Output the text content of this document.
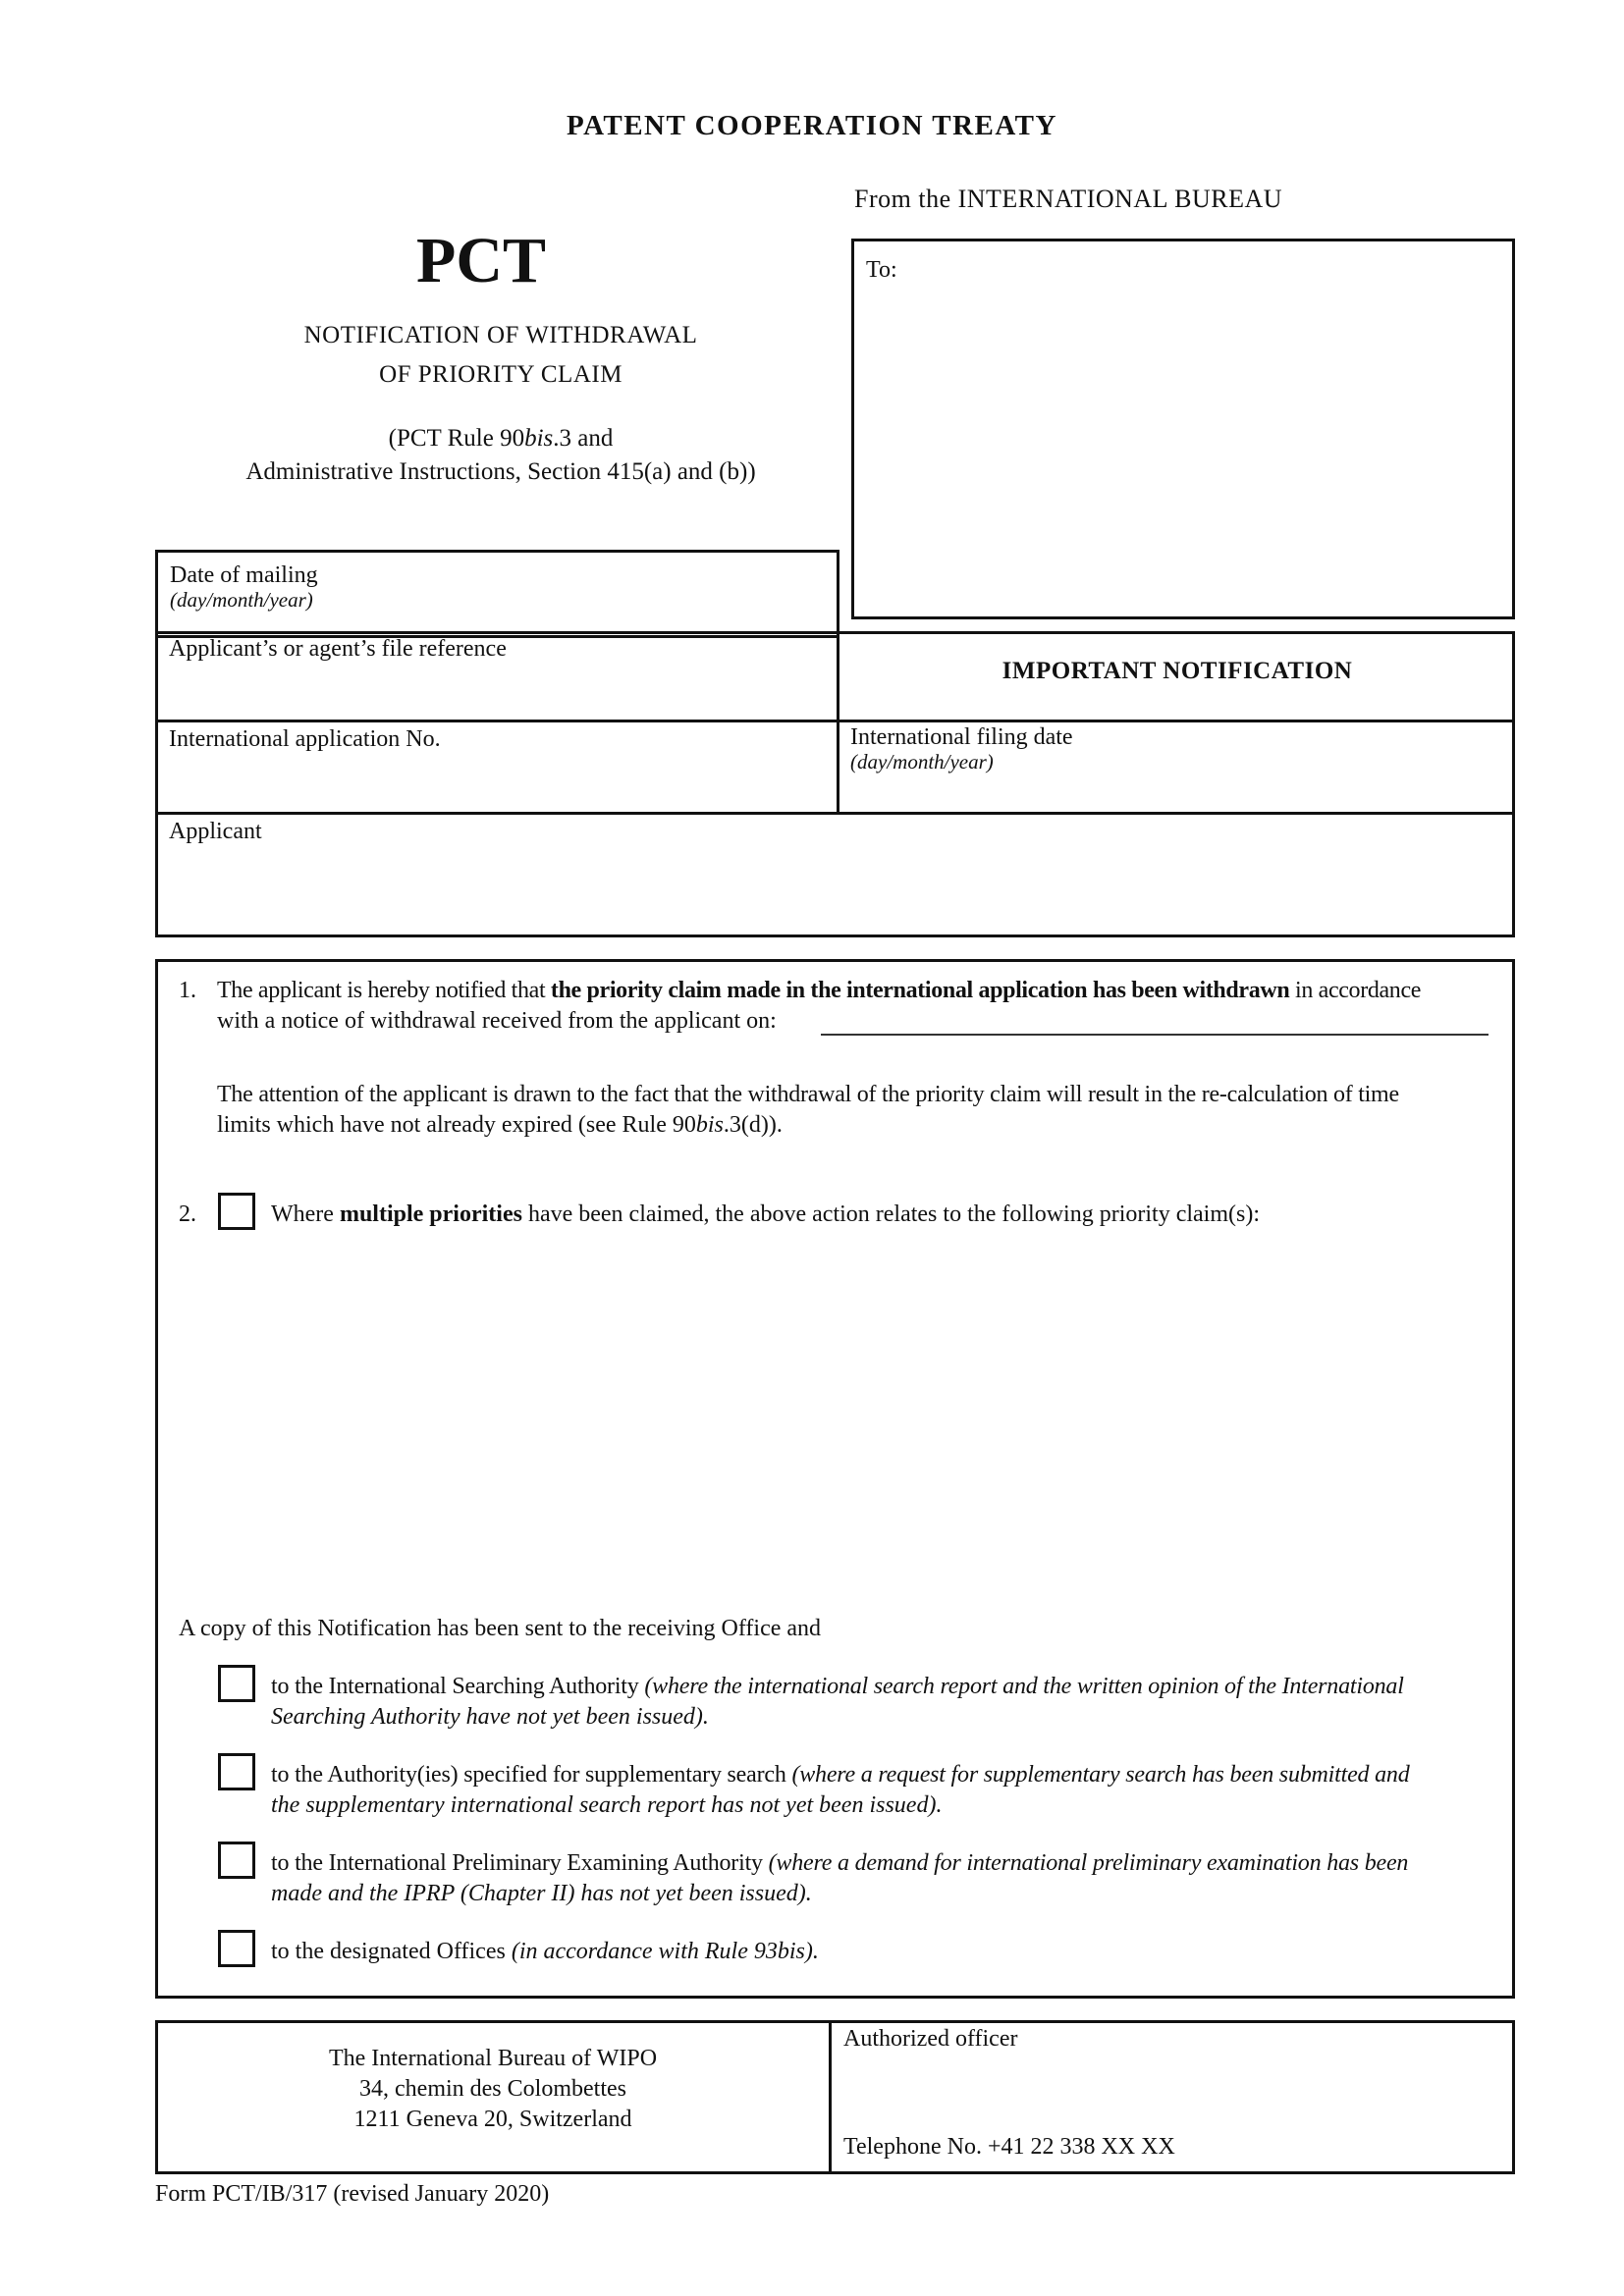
PATENT COOPERATION TREATY
From the INTERNATIONAL BUREAU
PCT
NOTIFICATION OF WITHDRAWAL
OF PRIORITY CLAIM
(PCT Rule 90bis.3 and
Administrative Instructions, Section 415(a) and (b))
To:
Date of mailing
(day/month/year)
Applicant’s or agent’s file reference
IMPORTANT NOTIFICATION
International application No.	International filing date
(day/month/year)
Applicant
1. The applicant is hereby notified that the priority claim made in the international application has been withdrawn in accordance
with a notice of withdrawal received from the applicant on:
The attention of the applicant is drawn to the fact that the withdrawal of the priority claim will result in the re-calculation of time
limits which have not already expired (see Rule 90bis.3(d)).
2.	Where multiple priorities have been claimed, the above action relates to the following priority claim(s):
A copy of this Notification has been sent to the receiving Office and
to the International Searching Authority (where the international search report and the written opinion of the International
Searching Authority have not yet been issued).
to the Authority(ies) specified for supplementary search (where a request for supplementary search has been submitted and
the supplementary international search report has not yet been issued).
to the International Preliminary Examining Authority (where a demand for international preliminary examination has been
made and the IPRP (Chapter II) has not yet been issued).
to the designated Offices (in accordance with Rule 93bis).
The International Bureau of WIPO
34, chemin des Colombettes
1211 Geneva 20, Switzerland
Authorized officer
Telephone No. +41 22 338 XX XX
Form PCT/IB/317 (revised January 2020)
